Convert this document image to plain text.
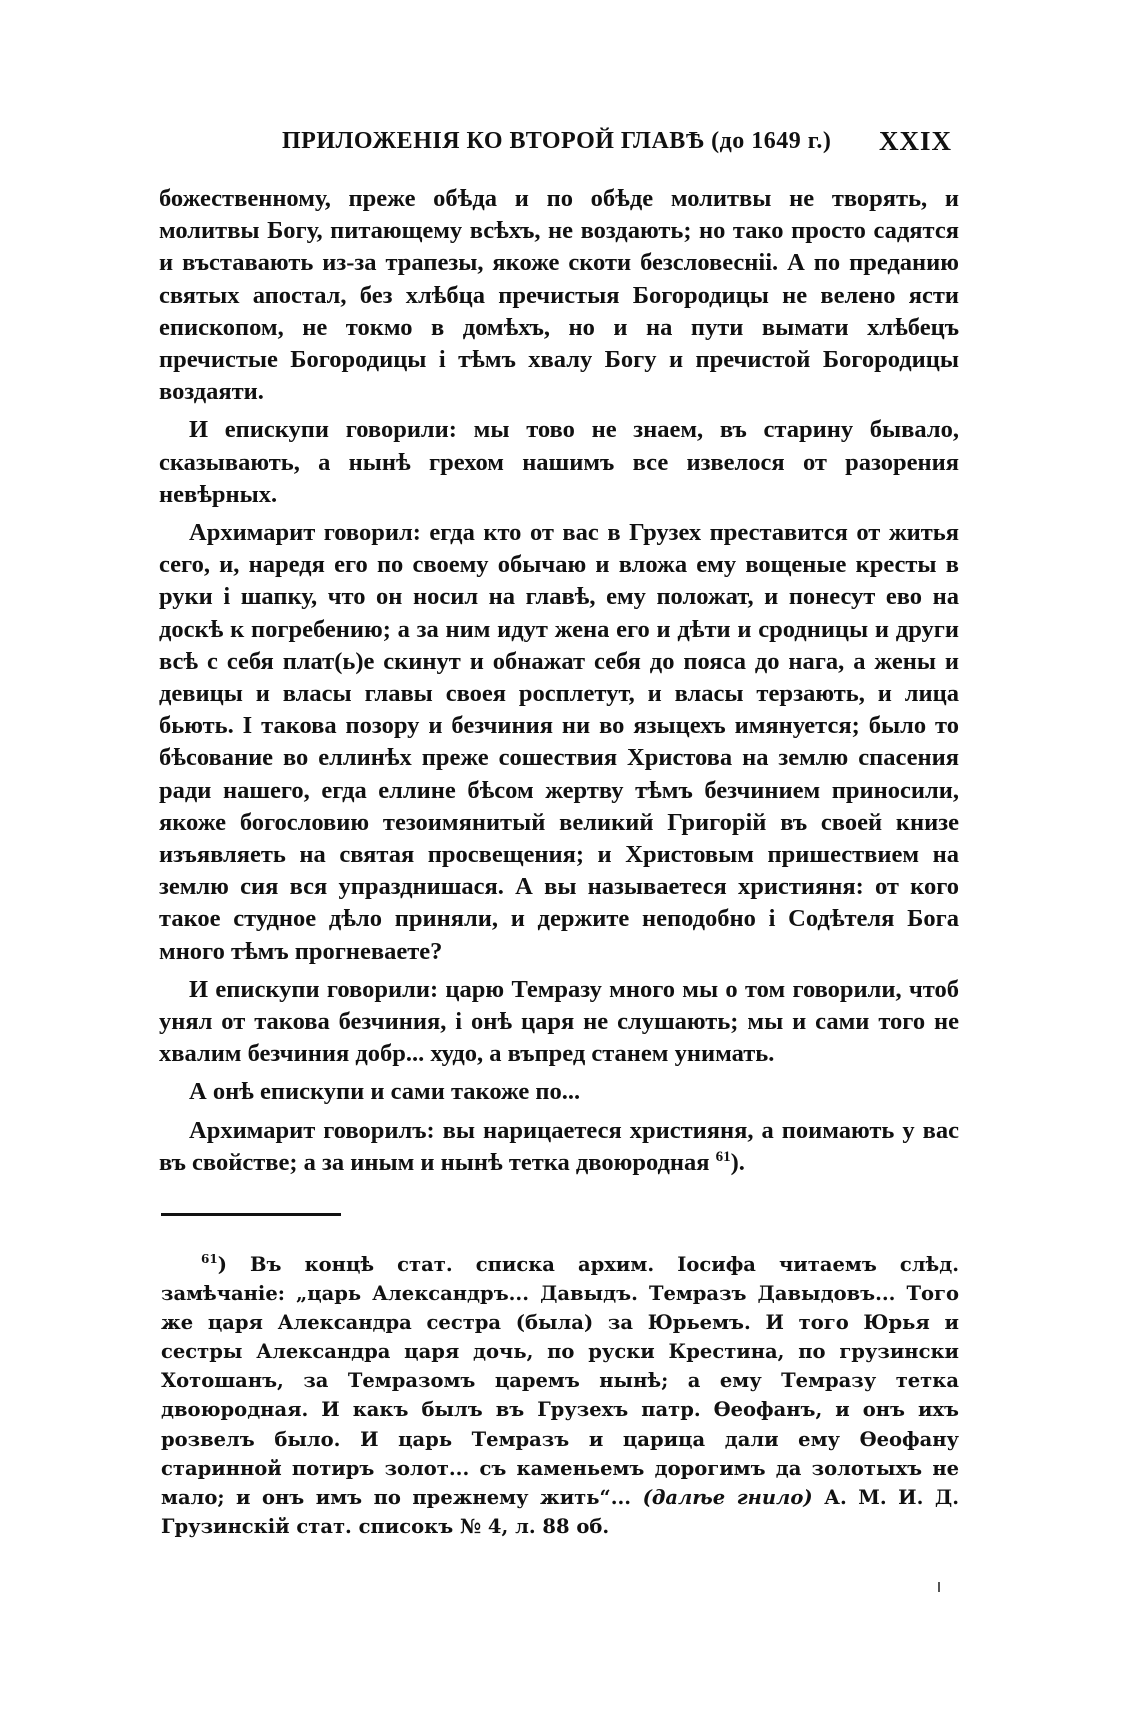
ПРИЛОЖЕНІЯ КО ВТОРОЙ ГЛАВѢ (до 1649 г.) XXIX

божественному, преже обѣда и по обѣде молитвы не творять, и молитвы Богу, питающему всѣхъ, не воздають; но тако просто садятся и въставають из-за трапезы, якоже скоти безсловесніі. А по преданию святых апостал, без хлѣбца пречистыя Богородицы не велено ясти епископом, не токмо в домѣхъ, но и на пути вымати хлѣбецъ пречистые Богородицы і тѣмъ хвалу Богу и пречистой Богородицы воздаяти.

И епискупи говорили: мы тово не знаем, въ старину бывало, сказывають, а нынѣ грехом нашимъ все извелося от разорения невѣрных.

Архимарит говорил: егда кто от вас в Грузех преставится от житья сего, и, наредя его по своему обычаю и вложа ему вощеные кресты в руки і шапку, что он носил на главѣ, ему положат, и понесут ево на доскѣ к погребению; а за ним идут жена его и дѣти и сродницы и други всѣ с себя плат(ь)е скинут и обнажат себя до пояса до нага, а жены и девицы и власы главы своея росплетут, и власы терзають, и лица бьють. І такова позору и безчиния ни во языцехъ имянуется; было то бѣсование во еллинѣх преже сошествия Христова на землю спасения ради нашего, егда еллине бѣсом жертву тѣмъ безчинием приносили, якоже богословию тезоимянитый великий Григорій въ своей книзе изъявляеть на святая просвещения; и Христовым пришествием на землю сия вся упразднишася. А вы называетеся християня: от кого такое студное дѣло приняли, и держите неподобно і Содѣтеля Бога много тѣмъ прогневаете?

И епискупи говорили: царю Темразу много мы о том говорили, чтоб унял от такова безчиния, і онѣ царя не слушають; мы и сами того не хвалим безчиния добр... худо, а въпред станем унимать.

А онѣ епискупи и сами такоже по...

Архимарит говорилъ: вы нарицаетеся християня, а поимають у вас въ свойстве; а за иным и нынѣ тетка двоюродная $^{61}$).

$^{61}$) Въ концѣ стат. списка архим. Іосифа читаемъ слѣд. замѣчаніе: „царь Александръ... Давыдъ. Темразъ Давыдовъ... Того же царя Александра сестра (была) за Юрьемъ. И того Юрья и сестры Александра царя дочь, по руски Крестина, по грузински Хотошанъ, за Темразомъ царемъ нынѣ; а ему Темразу тетка двоюродная. И какъ былъ въ Грузехъ патр. Ѳеофанъ, и онъ ихъ розвелъ было. И царь Темразъ и царица дали ему Ѳеофану старинной потиръ золот... съ каменьемъ дорогимъ да золотыхъ не мало; и онъ имъ по прежнему жить“... (далѣе гнило) А. М. И. Д. Грузинскій стат. списокъ № 4, л. 88 об.
